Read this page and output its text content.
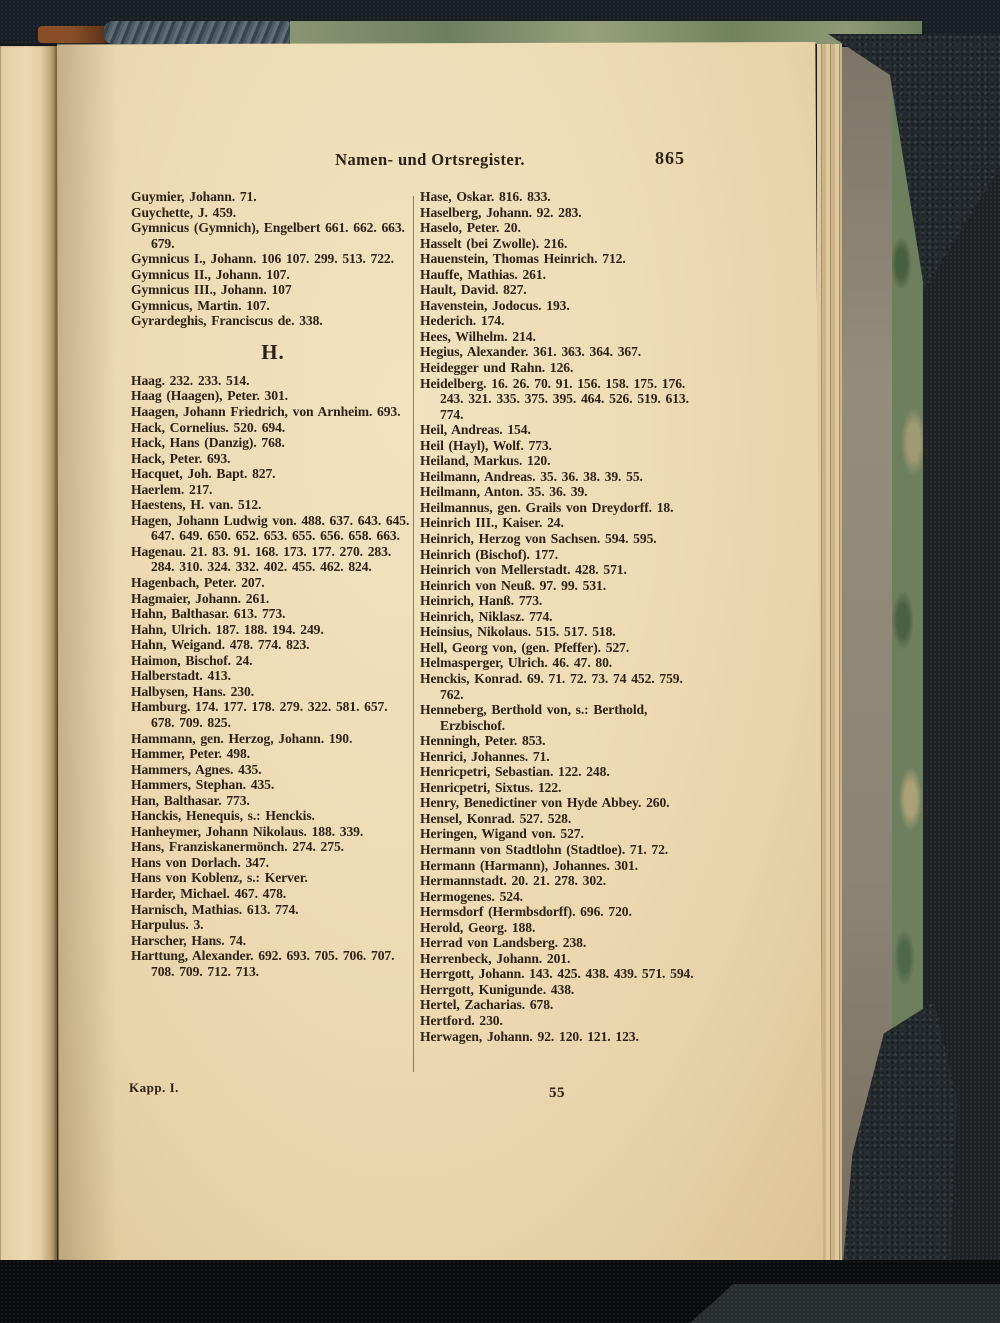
Namen- und Ortsregister.	865
Guymier, Johann. 71.
Guychette, J. 459.
Gymnicus (Gymnich), Engelbert 661. 662. 663. 679.
Gymnicus I., Johann. 106 107. 299. 513. 722.
Gymnicus II., Johann. 107.
Gymnicus III., Johann. 107
Gymnicus, Martin. 107.
Gyrardeghis, Franciscus de. 338.
H.
Haag. 232. 233. 514.
Haag (Haagen), Peter. 301.
Haagen, Johann Friedrich, von Arnheim. 693.
Hack, Cornelius. 520. 694.
Hack, Hans (Danzig). 768.
Hack, Peter. 693.
Hacquet, Joh. Bapt. 827.
Haerlem. 217.
Haestens, H. van. 512.
Hagen, Johann Ludwig von. 488. 637. 643. 645. 647. 649. 650. 652. 653. 655. 656. 658. 663.
Hagenau. 21. 83. 91. 168. 173. 177. 270. 283. 284. 310. 324. 332. 402. 455. 462. 824.
Hagenbach, Peter. 207.
Hagmaier, Johann. 261.
Hahn, Balthasar. 613. 773.
Hahn, Ulrich. 187. 188. 194. 249.
Hahn, Weigand. 478. 774. 823.
Haimon, Bischof. 24.
Halberstadt. 413.
Halbysen, Hans. 230.
Hamburg. 174. 177. 178. 279. 322. 581. 657. 678. 709. 825.
Hammann, gen. Herzog, Johann. 190.
Hammer, Peter. 498.
Hammers, Agnes. 435.
Hammers, Stephan. 435.
Han, Balthasar. 773.
Hanckis, Henequis, s.: Henckis.
Hanheymer, Johann Nikolaus. 188. 339.
Hans, Franziskanermönch. 274. 275.
Hans von Dorlach. 347.
Hans von Koblenz, s.: Kerver.
Harder, Michael. 467. 478.
Harnisch, Mathias. 613. 774.
Harpulus. 3.
Harscher, Hans. 74.
Harttung, Alexander. 692. 693. 705. 706. 707. 708. 709. 712. 713.
Hase, Oskar. 816. 833.
Haselberg, Johann. 92. 283.
Haselo, Peter. 20.
Hasselt (bei Zwolle). 216.
Hauenstein, Thomas Heinrich. 712.
Hauffe, Mathias. 261.
Hault, David. 827.
Havenstein, Jodocus. 193.
Hederich. 174.
Hees, Wilhelm. 214.
Hegius, Alexander. 361. 363. 364. 367.
Heidegger und Rahn. 126.
Heidelberg. 16. 26. 70. 91. 156. 158. 175. 176. 243. 321. 335. 375. 395. 464. 526. 519. 613. 774.
Heil, Andreas. 154.
Heil (Hayl), Wolf. 773.
Heiland, Markus. 120.
Heilmann, Andreas. 35. 36. 38. 39. 55.
Heilmann, Anton. 35. 36. 39.
Heilmannus, gen. Grails von Dreydorff. 18.
Heinrich III., Kaiser. 24.
Heinrich, Herzog von Sachsen. 594. 595.
Heinrich (Bischof). 177.
Heinrich von Mellerstadt. 428. 571.
Heinrich von Neuß. 97. 99. 531.
Heinrich, Hanß. 773.
Heinrich, Niklasz. 774.
Heinsius, Nikolaus. 515. 517. 518.
Hell, Georg von, (gen. Pfeffer). 527.
Helmasperger, Ulrich. 46. 47. 80.
Henckis, Konrad. 69. 71. 72. 73. 74 452. 759. 762.
Henneberg, Berthold von, s.: Berthold, Erzbischof.
Henningh, Peter. 853.
Henrici, Johannes. 71.
Henricpetri, Sebastian. 122. 248.
Henricpetri, Sixtus. 122.
Henry, Benedictiner von Hyde Abbey. 260.
Hensel, Konrad. 527. 528.
Heringen, Wigand von. 527.
Hermann von Stadtlohn (Stadtloe). 71. 72.
Hermann (Harmann), Johannes. 301.
Hermannstadt. 20. 21. 278. 302.
Hermogenes. 524.
Hermsdorf (Hermbsdorff). 696. 720.
Herold, Georg. 188.
Herrad von Landsberg. 238.
Herrenbeck, Johann. 201.
Herrgott, Johann. 143. 425. 438. 439. 571. 594.
Herrgott, Kunigunde. 438.
Hertel, Zacharias. 678.
Hertford. 230.
Herwagen, Johann. 92. 120. 121. 123.
Kapp. I.	55
